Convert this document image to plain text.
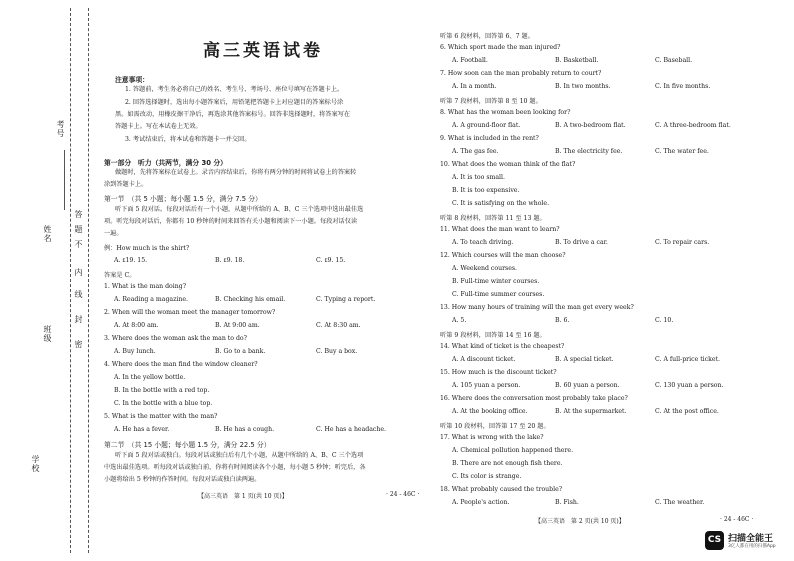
考号
姓名
班级
学校
答
题
不
内
线
封
密
高三英语试卷
注意事项：
1. 答题前，考生务必将自己的姓名、考生号、考场号、座位号填写在答题卡上。
2. 回答选择题时，选出每小题答案后，用铅笔把答题卡上对应题目的答案标号涂
黑。如需改动，用橡皮擦干净后，再选涂其他答案标号。回答非选择题时，将答案写在
答题卡上。写在本试卷上无效。
3. 考试结束后，将本试卷和答题卡一并交回。
第一部分　听力（共两节，满分 30 分）
做题时，先将答案标在试卷上。录音内容结束后，你将有两分钟的时间将试卷上的答案转
涂到答题卡上。
第一节　（共 5 小题；每小题 1.5 分，满分 7.5 分）
听下面 5 段对话。每段对话后有一个小题，从题中所给的 A、B、C 三个选项中选出最佳选
项。听完每段对话后，你都有 10 秒钟的时间来回答有关小题和阅读下一小题。每段对话仅读
一遍。
例：How much is the shirt?
A. ₤19. 15.	B. ₤9. 18.	C. ₤9. 15.
答案是 C。
1. What is the man doing?
A. Reading a magazine.	B. Checking his email.	C. Typing a report.
2. When will the woman meet the manager tomorrow?
A. At 8:00 am.	B. At 9:00 am.	C. At 8:30 am.
3. Where does the woman ask the man to do?
A. Buy lunch.	B. Go to a bank.	C. Buy a box.
4. Where does the man find the window cleaner?
A. In the yellow bottle.
B. In the bottle with a red top.
C. In the bottle with a blue top.
5. What is the matter with the man?
A. He has a fever.	B. He has a cough.	C. He has a headache.
第二节　（共 15 小题；每小题 1.5 分，满分 22.5 分）
听下面 5 段对话或独白。每段对话或独白后有几个小题，从题中所给的 A、B、C 三个选项
中选出最佳选项。听每段对话或独白前，你将有时间阅读各个小题，每小题 5 秒钟；听完后，各
小题将给出 5 秒钟的作答时间。每段对话或独白读两遍。
【高三英语　第 1 页(共 10 页)】	· 24 - 46C ·
听第 6 段材料，回答第 6、7 题。
6. Which sport made the man injured?
A. Football.	B. Basketball.	C. Baseball.
7. How soon can the man probably return to court?
A. In a month.	B. In two months.	C. In five months.
听第 7 段材料，回答第 8 至 10 题。
8. What has the woman been looking for?
A. A ground-floor flat.	B. A two-bedroom flat.	C. A three-bedroom flat.
9. What is included in the rent?
A. The gas fee.	B. The electricity fee.	C. The water fee.
10. What does the woman think of the flat?
A. It is too small.
B. It is too expensive.
C. It is satisfying on the whole.
听第 8 段材料，回答第 11 至 13 题。
11. What does the man want to learn?
A. To teach driving.	B. To drive a car.	C. To repair cars.
12. Which courses will the man choose?
A. Weekend courses.
B. Full-time winter courses.
C. Full-time summer courses.
13. How many hours of training will the man get every week?
A. 5.	B. 6.	C. 10.
听第 9 段材料，回答第 14 至 16 题。
14. What kind of ticket is the cheapest?
A. A discount ticket.	B. A special ticket.	C. A full-price ticket.
15. How much is the discount ticket?
A. 105 yuan a person.	B. 60 yuan a person.	C. 130 yuan a person.
16. Where does the conversation most probably take place?
A. At the booking office.	B. At the supermarket.	C. At the post office.
听第 10 段材料，回答第 17 至 20 题。
17. What is wrong with the lake?
A. Chemical pollution happened there.
B. There are not enough fish there.
C. Its color is strange.
18. What probably caused the trouble?
A. People's action.	B. Fish.	C. The weather.
【高三英语　第 2 页(共 10 页)】	· 24 - 46C ·
CS 扫描全能王
3亿人都在用的扫描App
